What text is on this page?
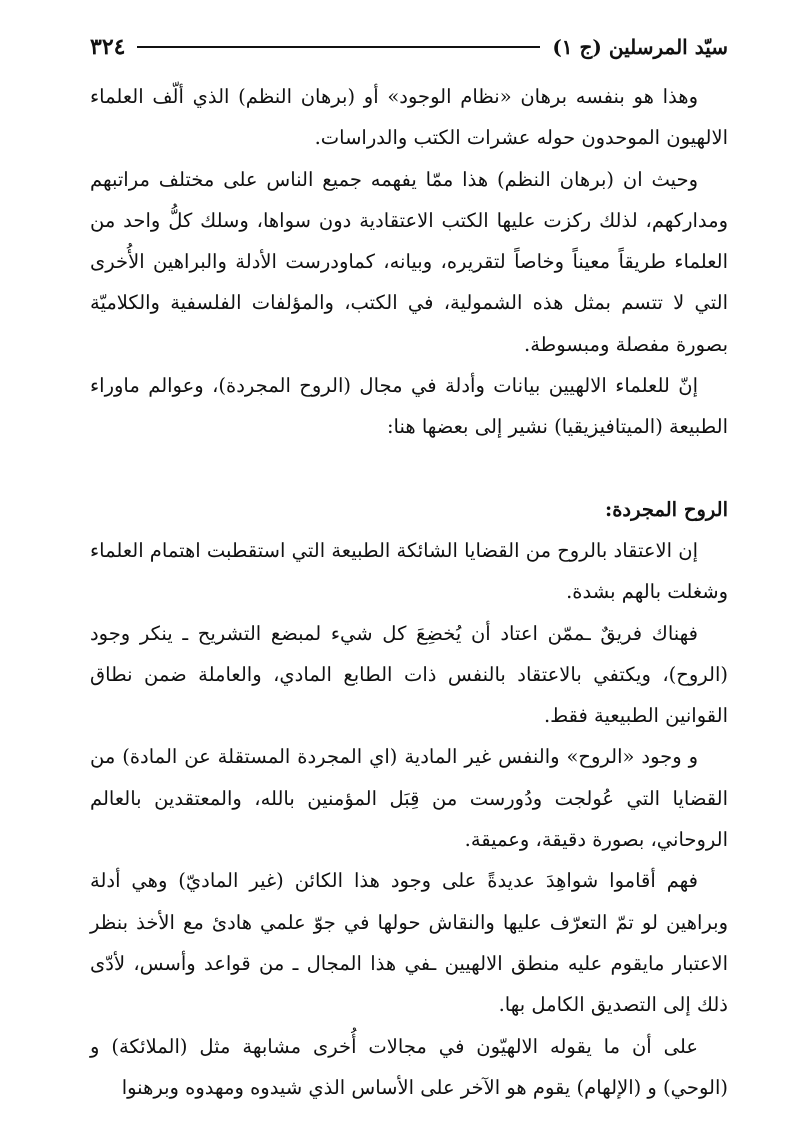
٣٢٤	سيّد المرسلين (ج ١)

وهذا هو بنفسه برهان «نظام الوجود» أو (برهان النظم) الذي ألّف العلماء الالهيون الموحدون حوله عشرات الكتب والدراسات.

وحيث ان (برهان النظم) هذا ممّا يفهمه جميع الناس على مختلف مراتبهم ومداركهم، لذلك ركزت عليها الكتب الاعتقادية دون سواها، وسلك كلُّ واحد من العلماء طريقاً معيناً وخاصاً لتقريره، وبيانه، كماودرست الأدلة والبراهين الأُخرى التي لا تتسم بمثل هذه الشمولية، في الكتب، والمؤلفات الفلسفية والكلاميّة بصورة مفصلة ومبسوطة.

إنّ للعلماء الالهيين بيانات وأدلة في مجال (الروح المجردة)، وعوالم ماوراء الطبيعة (الميتافيزيقيا) نشير إلى بعضها هنا:

الروح المجردة:

إن الاعتقاد بالروح من القضايا الشائكة الطبيعة التي استقطبت اهتمام العلماء وشغلت بالهم بشدة.

فهناك فريقٌ ـممّن اعتاد أن يُخضِعَ كل شيء لمبضع التشريح ـ ينكر وجود (الروح)، ويكتفي بالاعتقاد بالنفس ذات الطابع المادي، والعاملة ضمن نطاق القوانين الطبيعية فقط.

و وجود «الروح» والنفس غير المادية (اي المجردة المستقلة عن المادة) من القضايا التي عُولجت ودُورست من قِبَل المؤمنين بالله، والمعتقدين بالعالم الروحاني، بصورة دقيقة، وعميقة.

فهم أقاموا شواهِدَ عديدةً على وجود هذا الكائن (غير الماديّ) وهي أدلة وبراهين لو تمّ التعرّف عليها والنقاش حولها في جوّ علمي هادئ مع الأخذ بنظر الاعتبار مايقوم عليه منطق الالهيين ـفي هذا المجال ـ من قواعد وأسس، لأدّى ذلك إلى التصديق الكامل بها.

على أن ما يقوله الالهيّون في مجالات أُخرى مشابهة مثل (الملائكة) و (الوحي) و (الإلهام) يقوم هو الآخر على الأساس الذي شيدوه ومهدوه وبرهنوا
